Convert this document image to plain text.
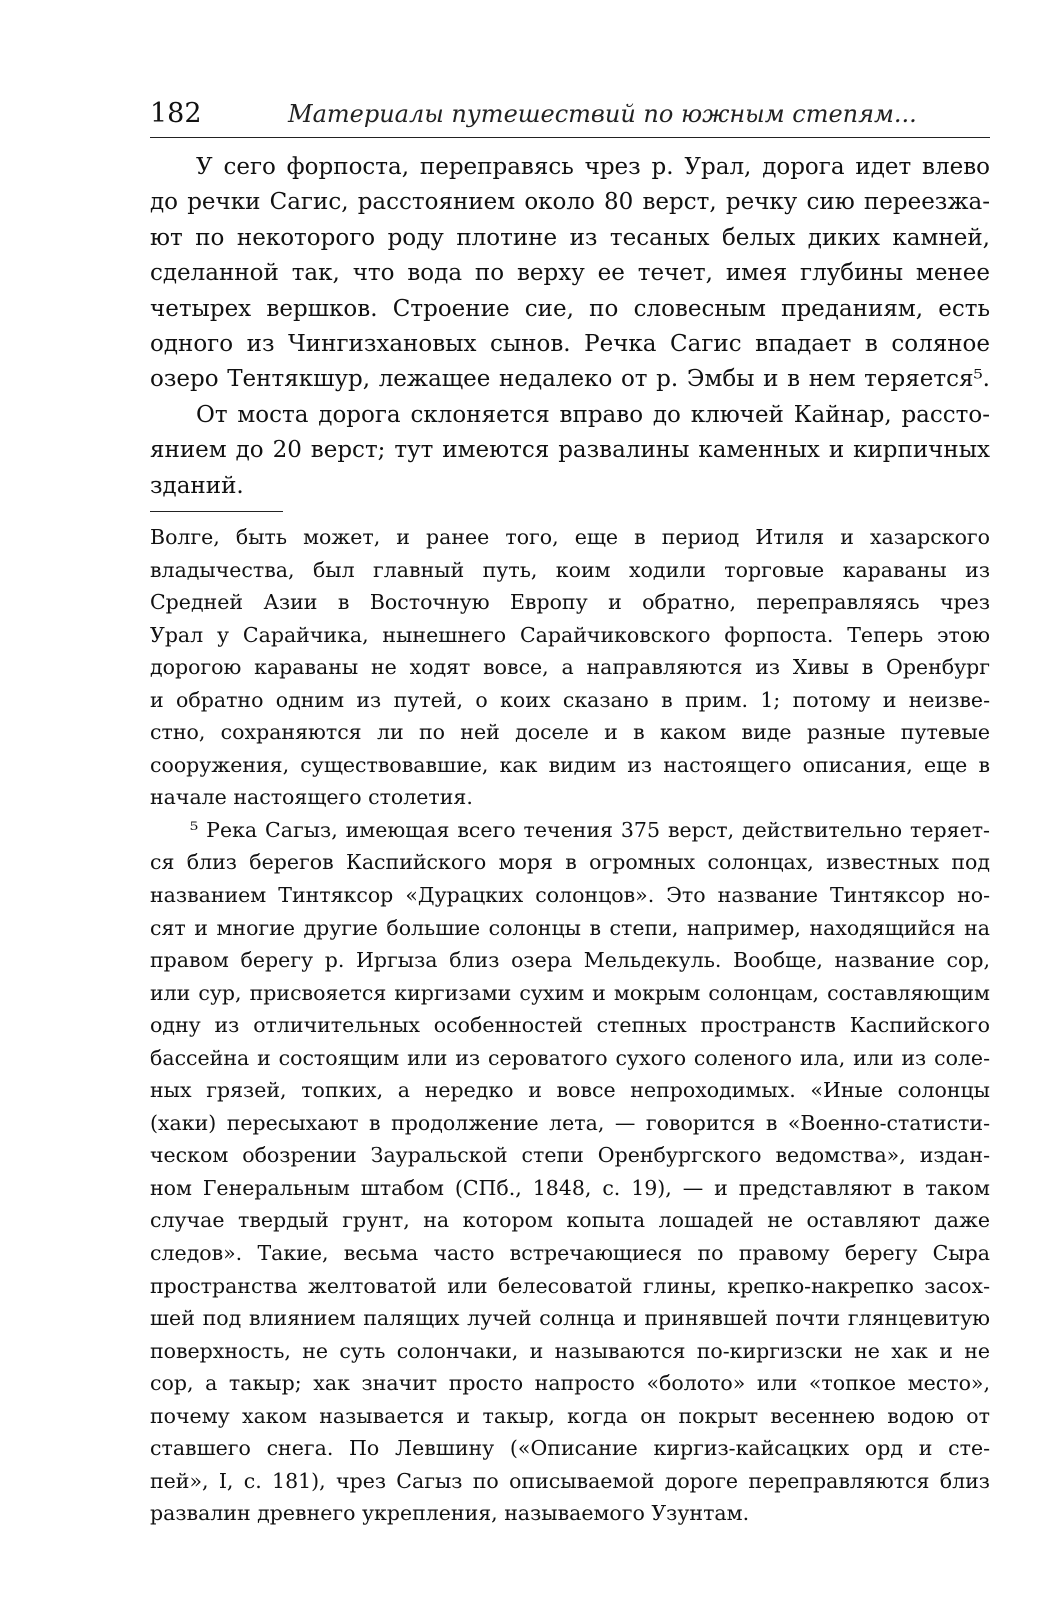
182	Материалы путешествий по южным степям...
У сего форпоста, переправясь чрез р. Урал, дорога идет влево
до речки Сагис, расстоянием около 80 верст, речку сию переезжа-
ют по некоторого роду плотине из тесаных белых диких камней,
сделанной так, что вода по верху ее течет, имея глубины менее
четырех вершков. Строение сие, по словесным преданиям, есть
одного из Чингизхановых сынов. Речка Сагис впадает в соляное
озеро Тентякшур, лежащее недалеко от р. Эмбы и в нем теряется⁵.
От моста дорога склоняется вправо до ключей Кайнар, рассто-
янием до 20 верст; тут имеются развалины каменных и кирпичных
зданий.
Волге, быть может, и ранее того, еще в период Итиля и хазарского
владычества, был главный путь, коим ходили торговые караваны из
Средней Азии в Восточную Европу и обратно, переправляясь чрез
Урал у Сарайчика, нынешнего Сарайчиковского форпоста. Теперь этою
дорогою караваны не ходят вовсе, а направляются из Хивы в Оренбург
и обратно одним из путей, о коих сказано в прим. 1; потому и неизве-
стно, сохраняются ли по ней доселе и в каком виде разные путевые
сооружения, существовавшие, как видим из настоящего описания, еще в
начале настоящего столетия.
⁵ Река Сагыз, имеющая всего течения 375 верст, действительно теряет-
ся близ берегов Каспийского моря в огромных солонцах, известных под
названием Тинтяксор «Дурацких солонцов». Это название Тинтяксор но-
сят и многие другие большие солонцы в степи, например, находящийся на
правом берегу р. Иргыза близ озера Мельдекуль. Вообще, название сор,
или сур, присвояется киргизами сухим и мокрым солонцам, составляющим
одну из отличительных особенностей степных пространств Каспийского
бассейна и состоящим или из сероватого сухого соленого ила, или из соле-
ных грязей, топких, а нередко и вовсе непроходимых. «Иные солонцы
(хаки) пересыхают в продолжение лета, — говорится в «Военно-статисти-
ческом обозрении Зауральской степи Оренбургского ведомства», издан-
ном Генеральным штабом (СПб., 1848, с. 19), — и представляют в таком
случае твердый грунт, на котором копыта лошадей не оставляют даже
следов». Такие, весьма часто встречающиеся по правому берегу Сыра
пространства желтоватой или белесоватой глины, крепко-накрепко засох-
шей под влиянием палящих лучей солнца и принявшей почти глянцевитую
поверхность, не суть солончаки, и называются по-киргизски не хак и не
сор, а такыр; хак значит просто напросто «болото» или «топкое место»,
почему хаком называется и такыр, когда он покрыт весеннею водою от
ставшего снега. По Левшину («Описание киргиз-кайсацких орд и сте-
пей», I, с. 181), чрез Сагыз по описываемой дороге переправляются близ
развалин древнего укрепления, называемого Узунтам.
